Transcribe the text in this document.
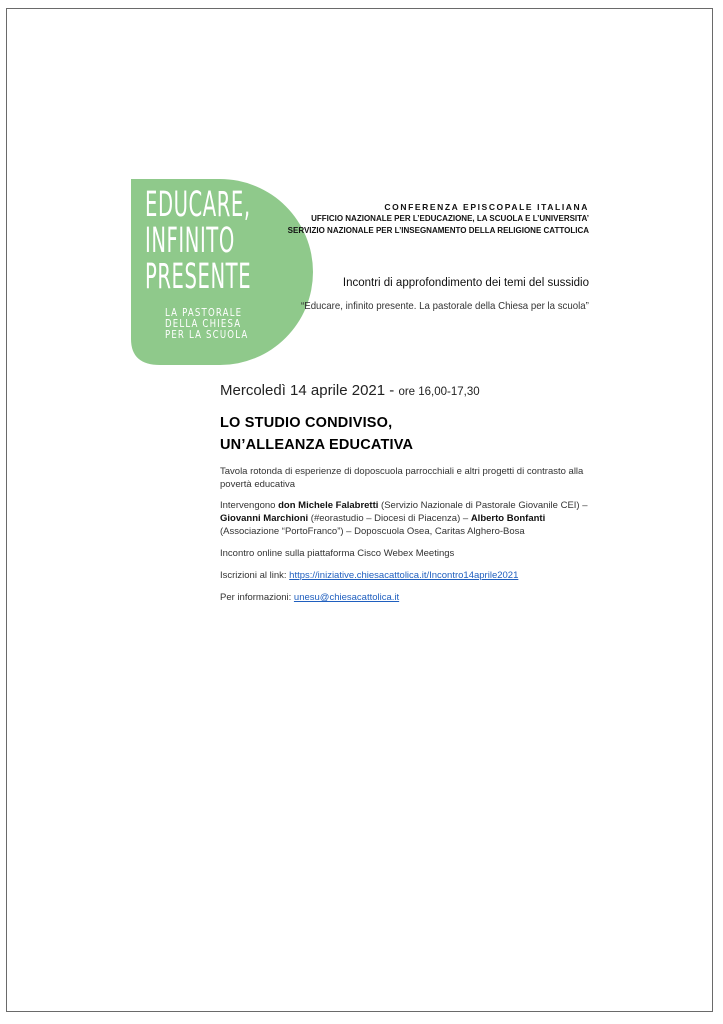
EDUCARE,
INFINITO
PRESENTE
LA PASTORALE
DELLA CHIESA
PER LA SCUOLA
CONFERENZA EPISCOPALE ITALIANA
UFFICIO NAZIONALE PER L’EDUCAZIONE, LA SCUOLA E L’UNIVERSITA’
SERVIZIO NAZIONALE PER L’INSEGNAMENTO DELLA RELIGIONE CATTOLICA
Incontri di approfondimento dei temi del sussidio
“Educare, infinito presente. La pastorale della Chiesa per la scuola”

Mercoledì 14 aprile 2021 - ore 16,00-17,30

LO STUDIO CONDIVISO,
UN’ALLEANZA EDUCATIVA

Tavola rotonda di esperienze di doposcuola parrocchiali e altri progetti di contrasto alla povertà educativa

Intervengono don Michele Falabretti (Servizio Nazionale di Pastorale Giovanile CEI) – Giovanni Marchioni (#eorastudio – Diocesi di Piacenza) – Alberto Bonfanti (Associazione “PortoFranco”) – Doposcuola Osea, Caritas Alghero-Bosa

Incontro online sulla piattaforma Cisco Webex Meetings

Iscrizioni al link: https://iniziative.chiesacattolica.it/Incontro14aprile2021

Per informazioni: unesu@chiesacattolica.it
